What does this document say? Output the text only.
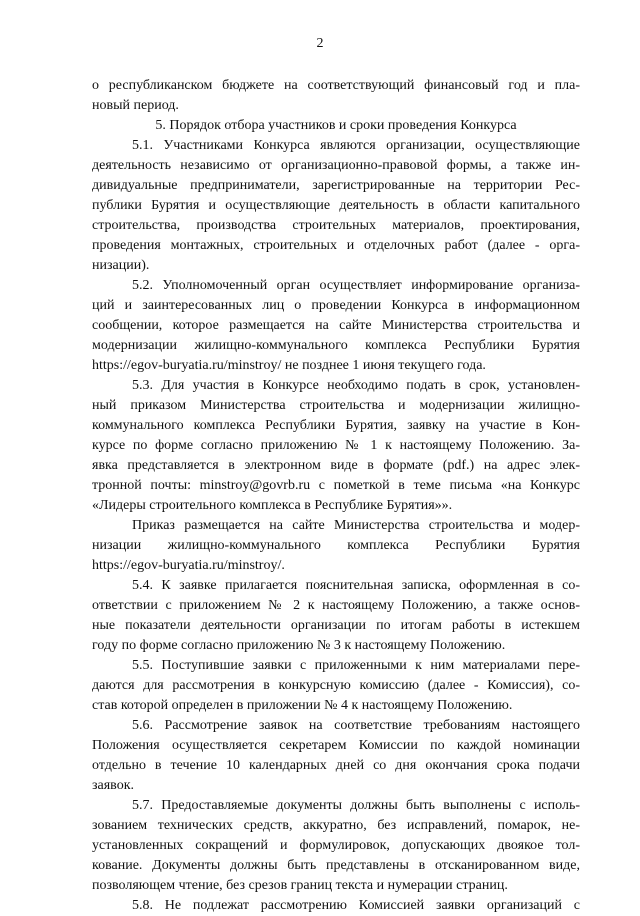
2

о республиканском бюджете на соответствующий финансовый год и пла-

новый период.

5. Порядок отбора участников и сроки проведения Конкурса

5.1. Участниками Конкурса являются организации, осуществляющие

деятельность независимо от организационно-правовой формы, а также ин-

дивидуальные предприниматели, зарегистрированные на территории Рес-

публики Бурятия и осуществляющие деятельность в области капитального

строительства, производства строительных материалов, проектирования,

проведения монтажных, строительных и отделочных работ (далее - орга-

низации).

5.2. Уполномоченный орган осуществляет информирование организа-

ций и заинтересованных лиц о проведении Конкурса в информационном

сообщении, которое размещается на сайте Министерства строительства и

модернизации жилищно-коммунального комплекса Республики Бурятия

https://egov-buryatia.ru/minstroy/ не позднее 1 июня текущего года.

5.3. Для участия в Конкурсе необходимо подать в срок, установлен-

ный приказом Министерства строительства и модернизации жилищно-

коммунального комплекса Республики Бурятия, заявку на участие в Кон-

курсе по форме согласно приложению № 1 к настоящему Положению. За-

явка представляется в электронном виде в формате (pdf.) на адрес элек-

тронной почты: minstroy@govrb.ru с пометкой в теме письма «на Конкурс

«Лидеры строительного комплекса в Республике Бурятия»».

Приказ размещается на сайте Министерства строительства и модер-

низации жилищно-коммунального комплекса Республики Бурятия

https://egov-buryatia.ru/minstroy/.

5.4. К заявке прилагается пояснительная записка, оформленная в со-

ответствии с приложением № 2 к настоящему Положению, а также основ-

ные показатели деятельности организации по итогам работы в истекшем

году по форме согласно приложению № 3 к настоящему Положению.

5.5. Поступившие заявки с приложенными к ним материалами пере-

даются для рассмотрения в конкурсную комиссию (далее - Комиссия), со-

став которой определен в приложении № 4 к настоящему Положению.

5.6. Рассмотрение заявок на соответствие требованиям настоящего

Положения осуществляется секретарем Комиссии по каждой номинации

отдельно в течение 10 календарных дней со дня окончания срока подачи

заявок.

5.7. Предоставляемые документы должны быть выполнены с исполь-

зованием технических средств, аккуратно, без исправлений, помарок, не-

установленных сокращений и формулировок, допускающих двоякое тол-

кование. Документы должны быть представлены в отсканированном виде,

позволяющем чтение, без срезов границ текста и нумерации страниц.

5.8. Не подлежат рассмотрению Комиссией заявки организаций с
